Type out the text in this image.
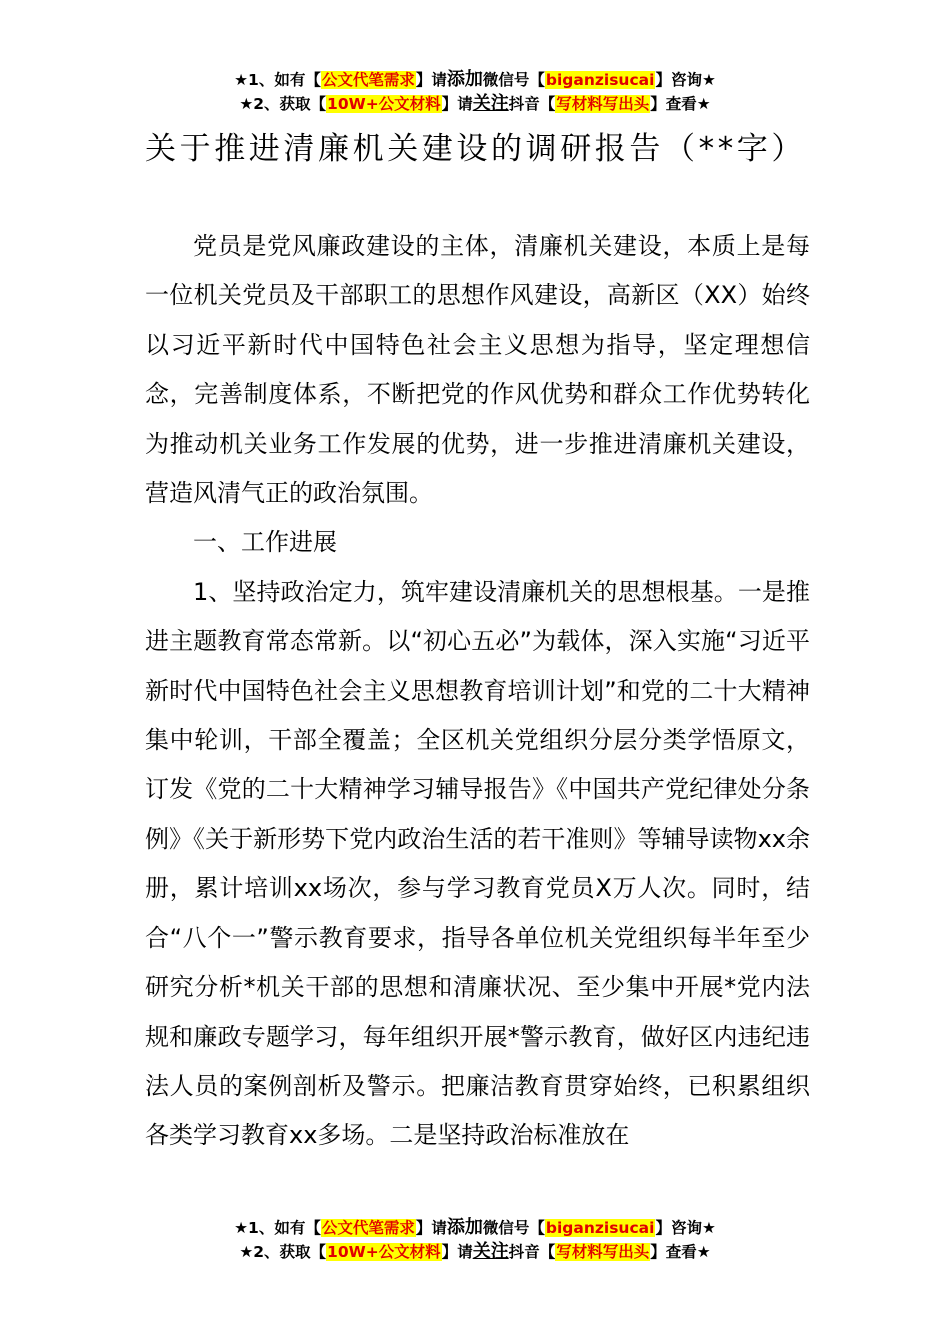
★1、如有【公文代笔需求】请添加微信号【biganzisucai】咨询★
★2、获取【10W+公文材料】请关注抖音【写材料写出头】查看★
关于推进清廉机关建设的调研报告（**字）

党员是党风廉政建设的主体，清廉机关建设，本质上是每一位机关党员及干部职工的思想作风建设，高新区（XX）始终以习近平新时代中国特色社会主义思想为指导，坚定理想信念，完善制度体系，不断把党的作风优势和群众工作优势转化为推动机关业务工作发展的优势，进一步推进清廉机关建设，营造风清气正的政治氛围。

一、工作进展

1、坚持政治定力，筑牢建设清廉机关的思想根基。一是推进主题教育常态常新。以“初心五必”为载体，深入实施“习近平新时代中国特色社会主义思想教育培训计划”和党的二十大精神集中轮训，干部全覆盖；全区机关党组织分层分类学悟原文，订发《党的二十大精神学习辅导报告》《中国共产党纪律处分条例》《关于新形势下党内政治生活的若干准则》等辅导读物xx余册，累计培训xx场次，参与学习教育党员X万人次。同时，结合“八个一”警示教育要求，指导各单位机关党组织每半年至少研究分析*机关干部的思想和清廉状况、至少集中开展*党内法规和廉政专题学习，每年组织开展*警示教育，做好区内违纪违法人员的案例剖析及警示。把廉洁教育贯穿始终，已积累组织各类学习教育xx多场。二是坚持政治标准放在

★1、如有【公文代笔需求】请添加微信号【biganzisucai】咨询★
★2、获取【10W+公文材料】请关注抖音【写材料写出头】查看★
